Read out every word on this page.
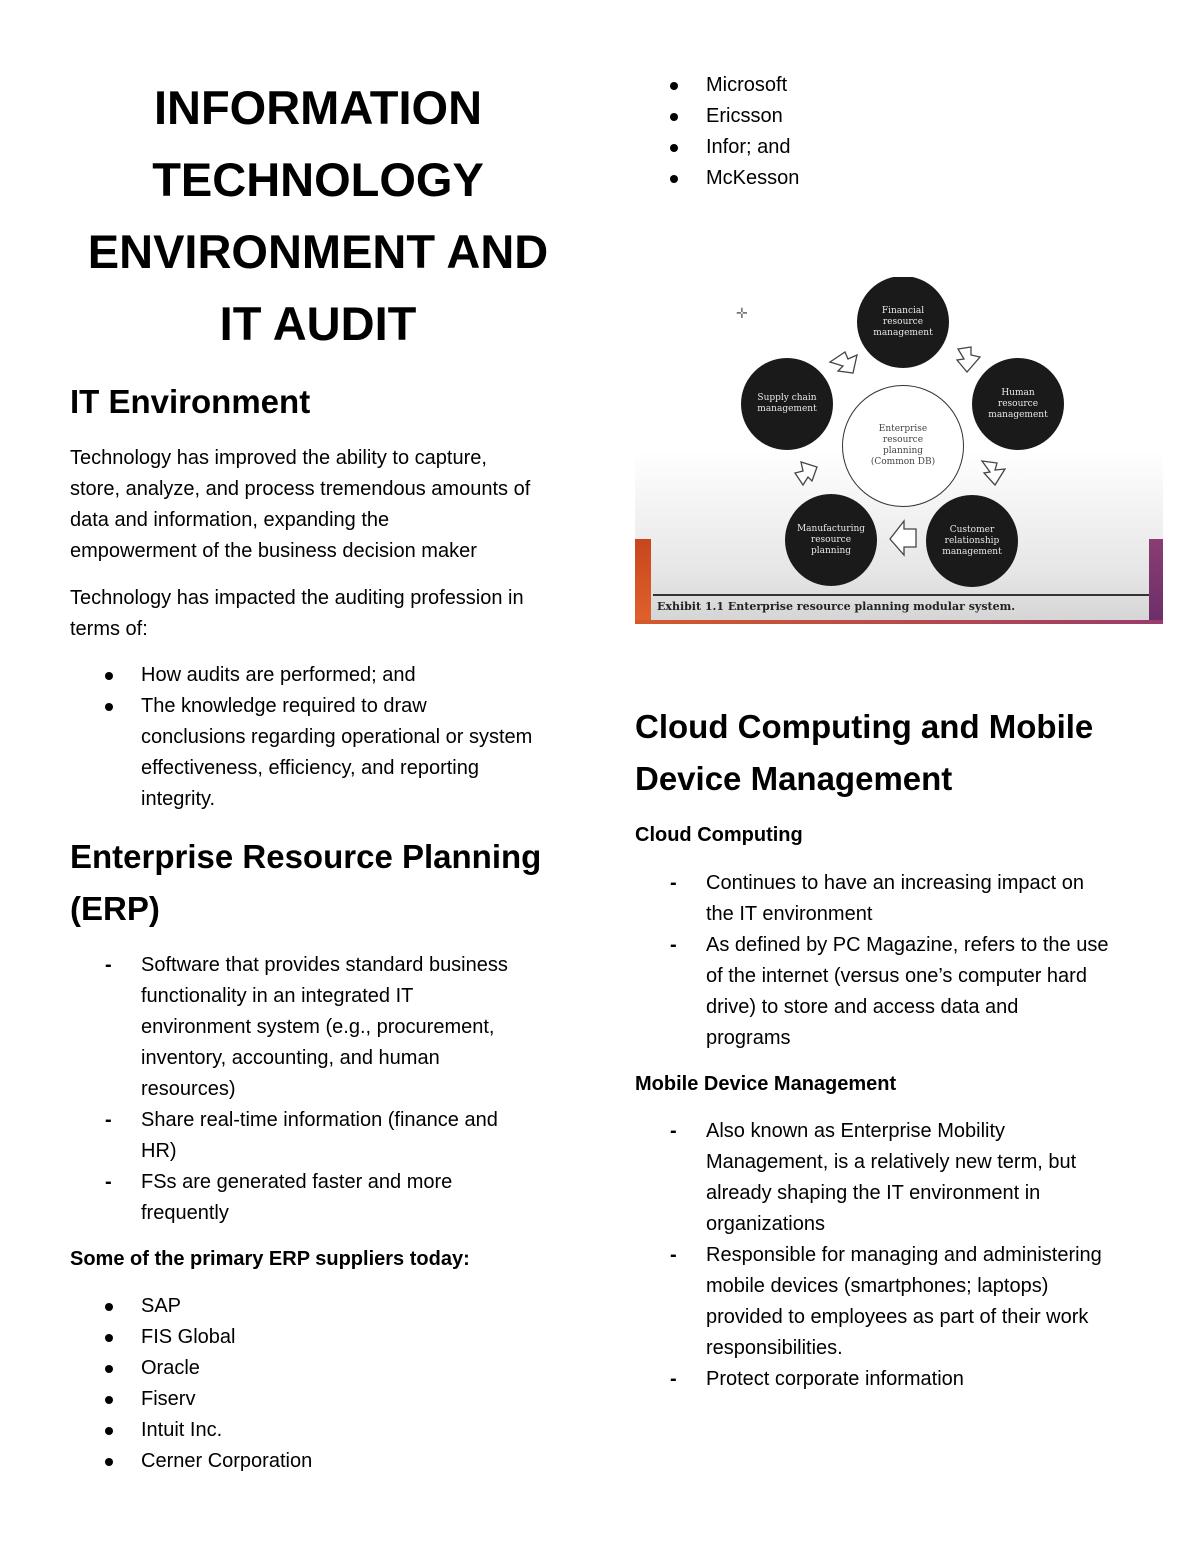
INFORMATION
TECHNOLOGY
ENVIRONMENT AND
IT AUDIT
IT Environment
Technology has improved the ability to capture,
store, analyze, and process tremendous amounts of
data and information, expanding the
empowerment of the business decision maker
Technology has impacted the auditing profession in
terms of:
How audits are performed; and
The knowledge required to draw
conclusions regarding operational or system
effectiveness, efficiency, and reporting
integrity.
Enterprise Resource Planning
(ERP)
- Software that provides standard business
functionality in an integrated IT
environment system (e.g., procurement,
inventory, accounting, and human
resources)
- Share real-time information (finance and
HR)
- FSs are generated faster and more
frequently
Some of the primary ERP suppliers today:
SAP
FIS Global
Oracle
Fiserv
Intuit Inc.
Cerner Corporation
Microsoft
Ericsson
Infor; and
McKesson
✛
Enterprise resource planning (Common DB)
Financial resource management
Human resource management
Customer relationship management
Manufacturing resource planning
Supply chain management
Exhibit 1.1 Enterprise resource planning modular system.
Cloud Computing and Mobile
Device Management
Cloud Computing
- Continues to have an increasing impact on
the IT environment
- As defined by PC Magazine, refers to the use
of the internet (versus one’s computer hard
drive) to store and access data and
programs
Mobile Device Management
- Also known as Enterprise Mobility
Management, is a relatively new term, but
already shaping the IT environment in
organizations
- Responsible for managing and administering
mobile devices (smartphones; laptops)
provided to employees as part of their work
responsibilities.
- Protect corporate information
